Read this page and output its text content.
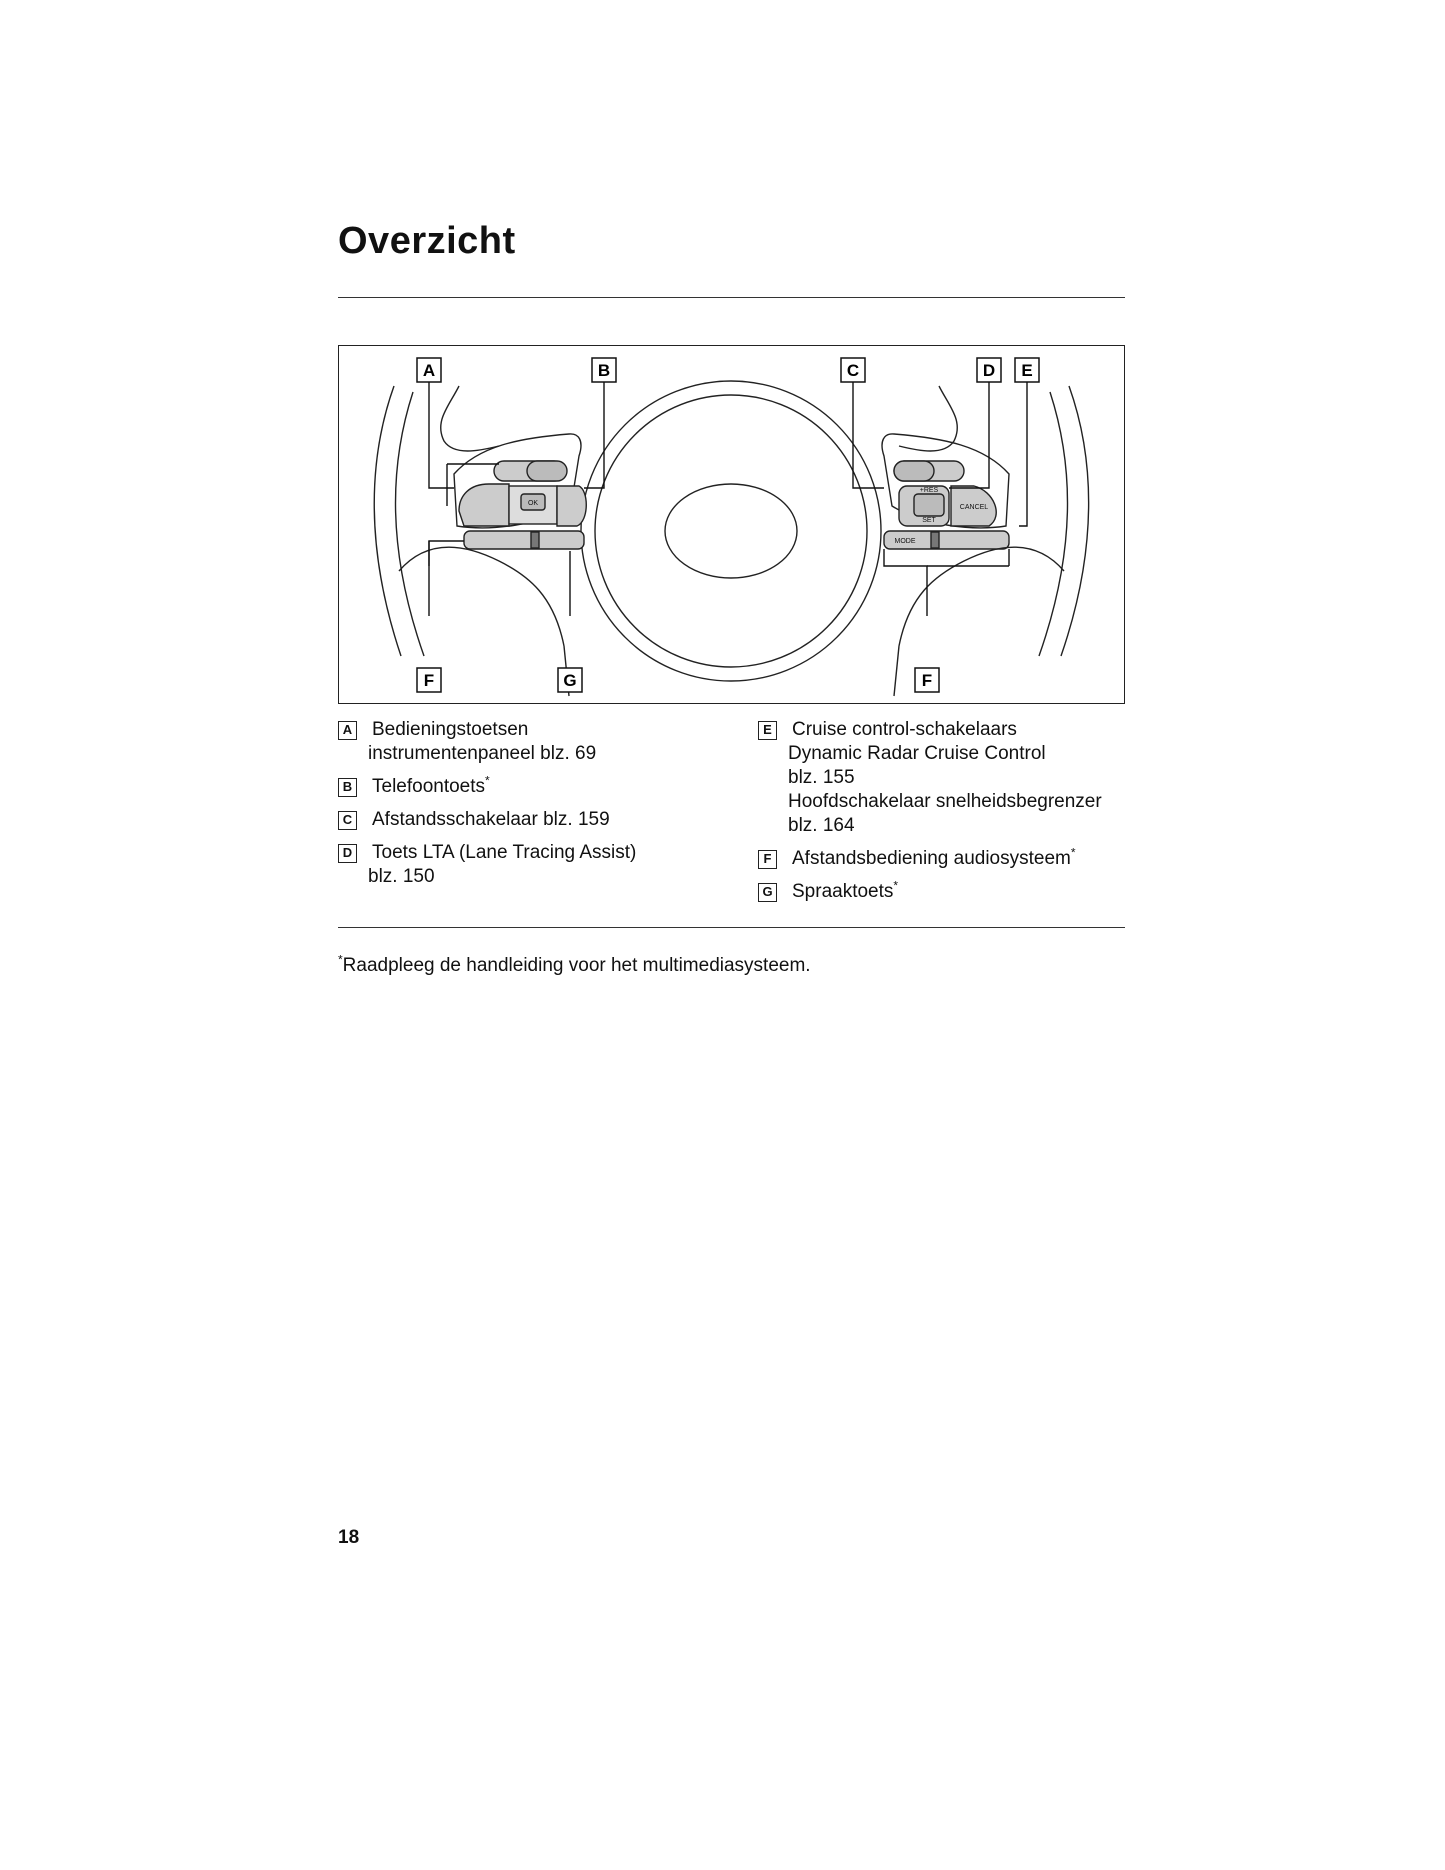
Overzicht
OK
CANCEL
MODE
+RES
SET
A	B	C	D E
F	G	F
A Bedieningstoetsen
instrumentenpaneel blz. 69
B Telefoontoets*
C Afstandsschakelaar blz. 159
D Toets LTA (Lane Tracing Assist)
blz. 150
E Cruise control-schakelaars
Dynamic Radar Cruise Control
blz. 155
Hoofdschakelaar snelheidsbegrenzer
blz. 164
F Afstandsbediening audiosysteem*
G Spraaktoets*
*Raadpleeg de handleiding voor het multimediasysteem.
18
